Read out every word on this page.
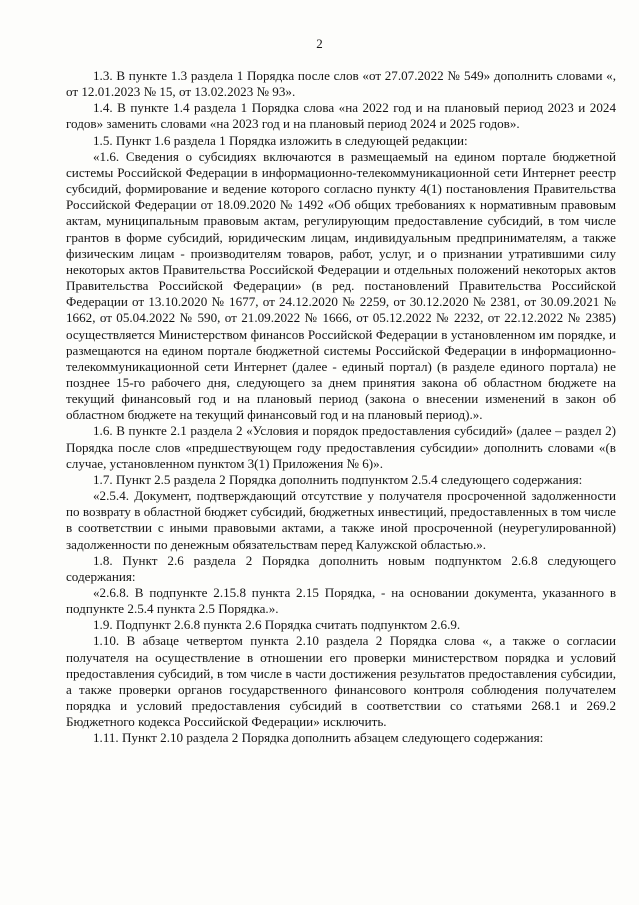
2

1.3. В пункте 1.3 раздела 1 Порядка после слов «от 27.07.2022 № 549» дополнить словами «, от 12.01.2023 № 15, от 13.02.2023 № 93».

1.4. В пункте 1.4 раздела 1 Порядка слова «на 2022 год и на плановый период 2023 и 2024 годов» заменить словами «на 2023 год и на плановый период 2024 и 2025 годов».

1.5. Пункт 1.6 раздела 1 Порядка изложить в следующей редакции:

«1.6. Сведения о субсидиях включаются в размещаемый на едином портале бюджетной системы Российской Федерации в информационно-телекоммуникационной сети Интернет реестр субсидий, формирование и ведение которого согласно пункту 4(1) постановления Правительства Российской Федерации от 18.09.2020 № 1492 «Об общих требованиях к нормативным правовым актам, муниципальным правовым актам, регулирующим предоставление субсидий, в том числе грантов в форме субсидий, юридическим лицам, индивидуальным предпринимателям, а также физическим лицам - производителям товаров, работ, услуг, и о признании утратившими силу некоторых актов Правительства Российской Федерации и отдельных положений некоторых актов Правительства Российской Федерации» (в ред. постановлений Правительства Российской Федерации от 13.10.2020 № 1677, от 24.12.2020 № 2259, от 30.12.2020 № 2381, от 30.09.2021 № 1662, от 05.04.2022 № 590, от 21.09.2022 № 1666, от 05.12.2022 № 2232, от 22.12.2022 № 2385) осуществляется Министерством финансов Российской Федерации в установленном им порядке, и размещаются на едином портале бюджетной системы Российской Федерации в информационно-телекоммуникационной сети Интернет (далее - единый портал) (в разделе единого портала) не позднее 15-го рабочего дня, следующего за днем принятия закона об областном бюджете на текущий финансовый год и на плановый период (закона о внесении изменений в закон об областном бюджете на текущий финансовый год и на плановый период).».

1.6. В пункте 2.1 раздела 2 «Условия и порядок предоставления субсидий» (далее – раздел 2) Порядка после слов «предшествующем году предоставления субсидии» дополнить словами «(в случае, установленном пунктом 3(1) Приложения № 6)».

1.7. Пункт 2.5 раздела 2 Порядка дополнить подпунктом 2.5.4 следующего содержания:

«2.5.4. Документ, подтверждающий отсутствие у получателя просроченной задолженности по возврату в областной бюджет субсидий, бюджетных инвестиций, предоставленных в том числе в соответствии с иными правовыми актами, а также иной просроченной (неурегулированной) задолженности по денежным обязательствам перед Калужской областью.».

1.8. Пункт 2.6 раздела 2 Порядка дополнить новым подпунктом 2.6.8 следующего содержания:

«2.6.8. В подпункте 2.15.8 пункта 2.15 Порядка, - на основании документа, указанного в подпункте 2.5.4 пункта 2.5 Порядка.».

1.9. Подпункт 2.6.8 пункта 2.6 Порядка считать подпунктом 2.6.9.

1.10. В абзаце четвертом пункта 2.10 раздела 2 Порядка слова «, а также о согласии получателя на осуществление в отношении его проверки министерством порядка и условий предоставления субсидий, в том числе в части достижения результатов предоставления субсидии, а также проверки органов государственного финансового контроля соблюдения получателем порядка и условий предоставления субсидий в соответствии со статьями 268.1 и 269.2 Бюджетного кодекса Российской Федерации» исключить.

1.11. Пункт 2.10 раздела 2 Порядка дополнить абзацем следующего содержания:
